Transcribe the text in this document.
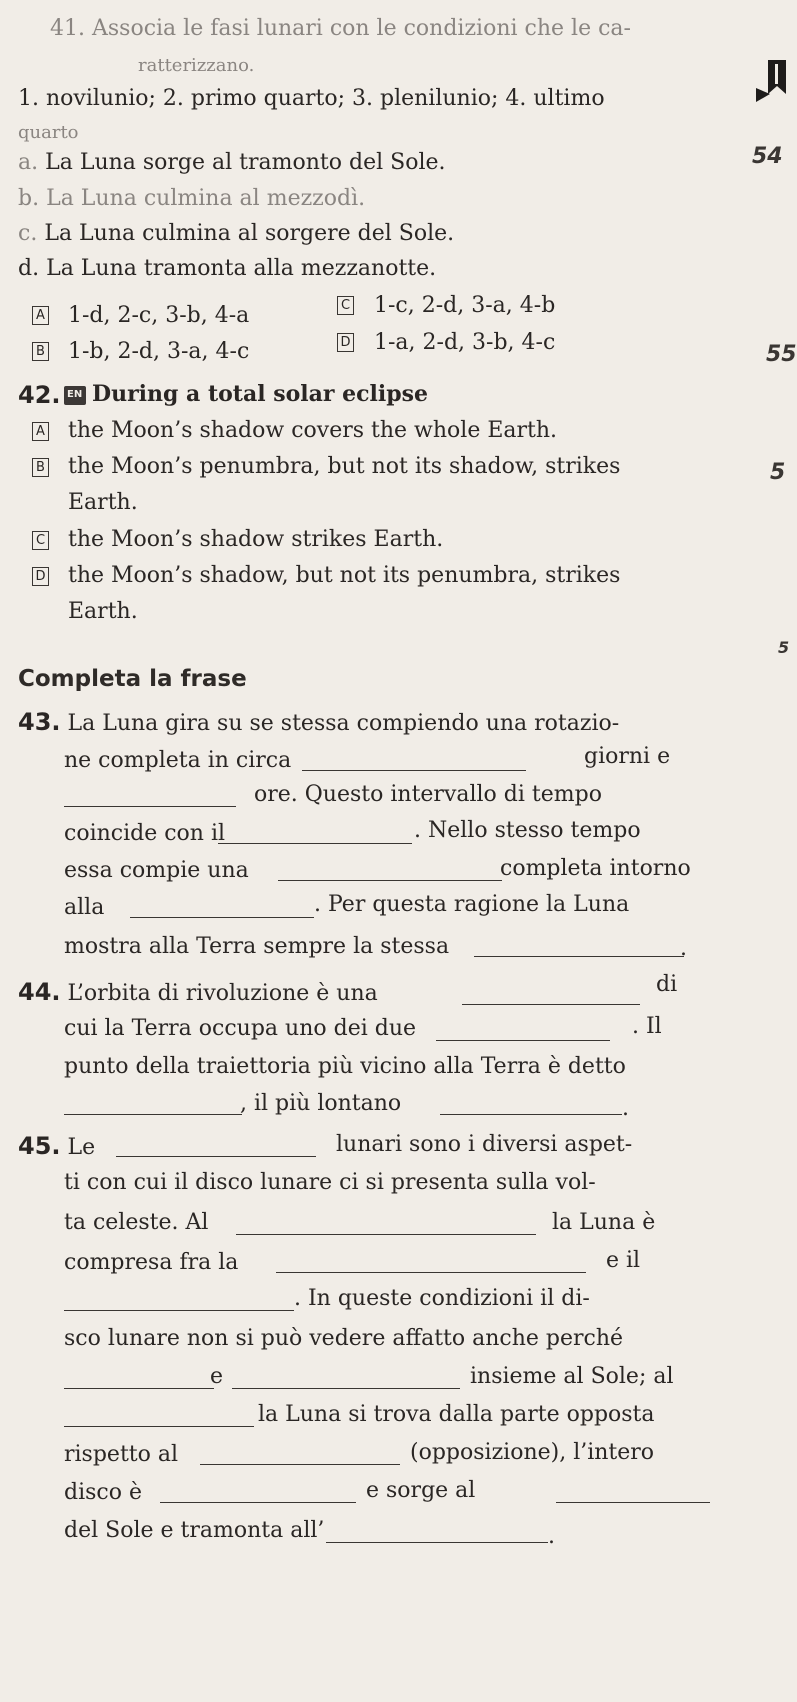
41. Associa le fasi lunari con le condizioni che le ca-
ratterizzano.
1. novilunio; 2. primo quarto; 3. plenilunio; 4. ultimo
quarto
a. La Luna sorge al tramonto del Sole.
b. La Luna culmina al mezzodì.
c. La Luna culmina al sorgere del Sole.
d. La Luna tramonta alla mezzanotte.
A 1-d, 2-c, 3-b, 4-a
B 1-b, 2-d, 3-a, 4-c
C 1-c, 2-d, 3-a, 4-b
D 1-a, 2-d, 3-b, 4-c
42. EN During a total solar eclipse
A the Moon’s shadow covers the whole Earth.
B the Moon’s penumbra, but not its shadow, strikes
Earth.
C the Moon’s shadow strikes Earth.
D the Moon’s shadow, but not its penumbra, strikes
Earth.
Completa la frase
43. La Luna gira su se stessa compiendo una rotazio-
ne completa in circa	giorni e
ore. Questo intervallo di tempo
coincide con il	. Nello stesso tempo
essa compie una	completa intorno
alla	. Per questa ragione la Luna
mostra alla Terra sempre la stessa	.
44. L’orbita di rivoluzione è una	di
cui la Terra occupa uno dei due	. Il
punto della traiettoria più vicino alla Terra è detto
, il più lontano	.
45. Le	lunari sono i diversi aspet-
ti con cui il disco lunare ci si presenta sulla vol-
ta celeste. Al	la Luna è
compresa fra la	e il
. In queste condizioni il di-
sco lunare non si può vedere affatto anche perché
e	insieme al Sole; al
la Luna si trova dalla parte opposta
rispetto al	(opposizione), l’intero
disco è	e sorge al
del Sole e tramonta all’	.
54
55
5
5
